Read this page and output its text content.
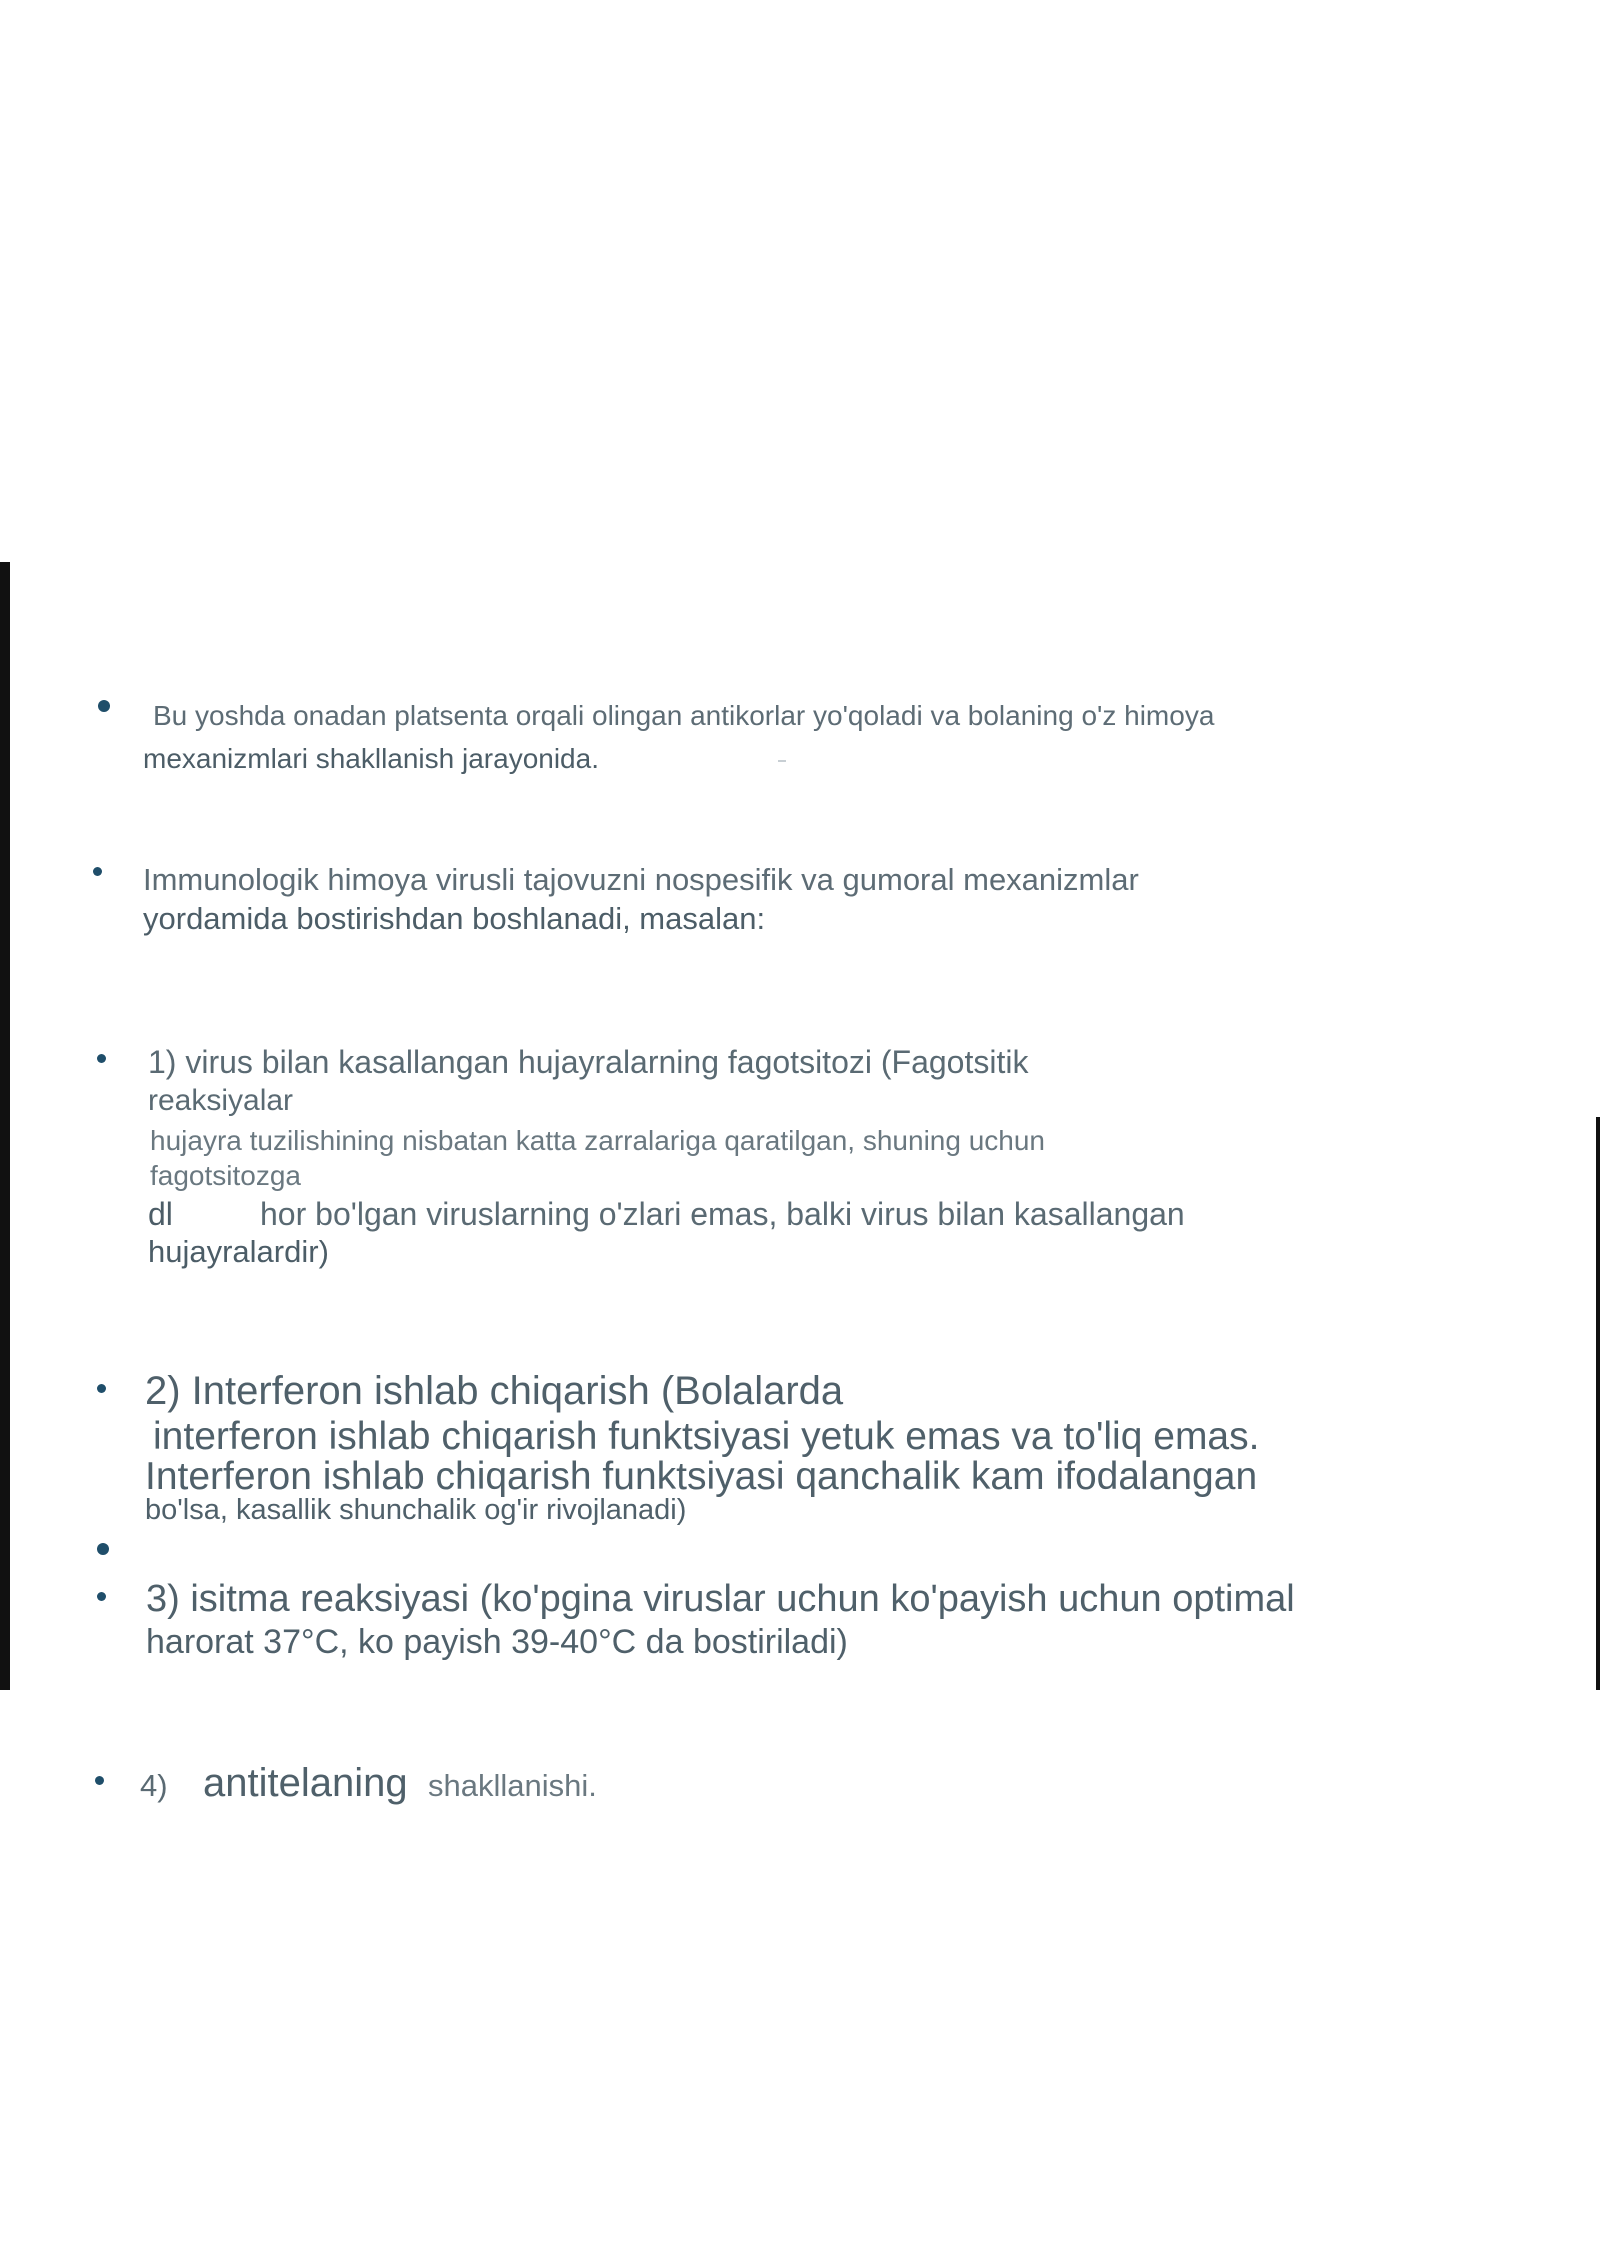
Bu yoshda onadan platsenta orqali olingan antikorlar yo'qoladi va bolaning o'z himoya
mexanizmlari shakllanish jarayonida.
Immunologik himoya virusli tajovuzni nospesifik va gumoral mexanizmlar
yordamida bostirishdan boshlanadi, masalan:
1) virus bilan kasallangan hujayralarning fagotsitozi (Fagotsitik
reaksiyalar
hujayra tuzilishining nisbatan katta zarralariga qaratilgan, shuning uchun
fagotsitozga
dl	hor bo'lgan viruslarning o'zlari emas, balki virus bilan kasallangan
hujayralardir)
2) Interferon ishlab chiqarish (Bolalarda
interferon ishlab chiqarish funktsiyasi yetuk emas va to'liq emas.
Interferon ishlab chiqarish funktsiyasi qanchalik kam ifodalangan
bo'lsa, kasallik shunchalik og'ir rivojlanadi)
3) isitma reaksiyasi (ko'pgina viruslar uchun ko'payish uchun optimal
harorat 37°C, ko payish 39-40°C da bostiriladi)
4) antitelaning shakllanishi.
